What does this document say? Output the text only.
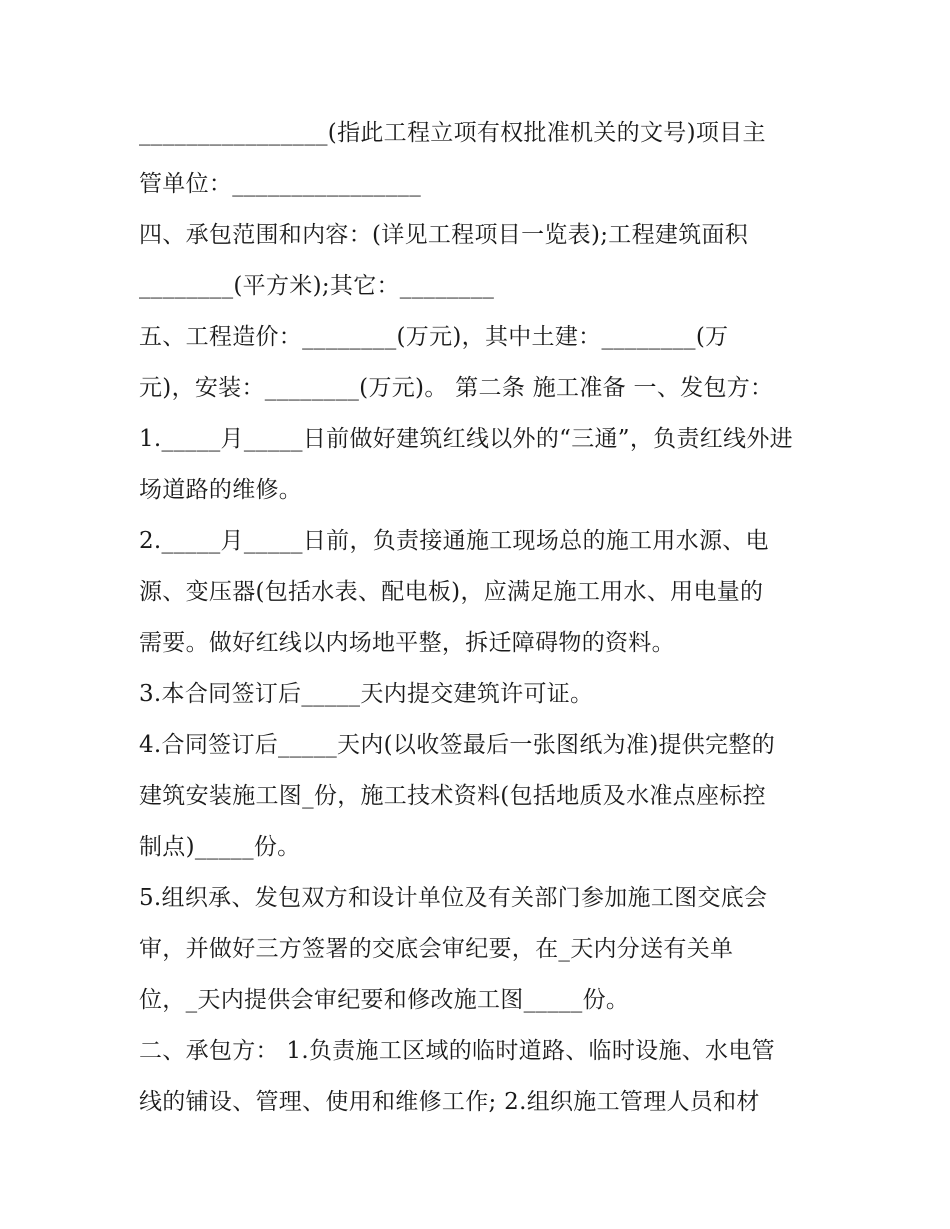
________________(指此工程立项有权批准机关的文号)项目主
管单位：________________
四、承包范围和内容：(详见工程项目一览表);工程建筑面积
________(平方米);其它：________
五、工程造价：________(万元)，其中土建：________(万
元)，安装：________(万元)。 第二条 施工准备 一、发包方：
1._____月_____日前做好建筑红线以外的“三通”，负责红线外进
场道路的维修。
2._____月_____日前，负责接通施工现场总的施工用水源、电
源、变压器(包括水表、配电板)，应满足施工用水、用电量的
需要。做好红线以内场地平整，拆迁障碍物的资料。
3.本合同签订后_____天内提交建筑许可证。
4.合同签订后_____天内(以收签最后一张图纸为准)提供完整的
建筑安装施工图_份，施工技术资料(包括地质及水准点座标控
制点)_____份。
5.组织承、发包双方和设计单位及有关部门参加施工图交底会
审，并做好三方签署的交底会审纪要，在_天内分送有关单
位，_天内提供会审纪要和修改施工图_____份。
二、承包方： 1.负责施工区域的临时道路、临时设施、水电管
线的铺设、管理、使用和维修工作; 2.组织施工管理人员和材
